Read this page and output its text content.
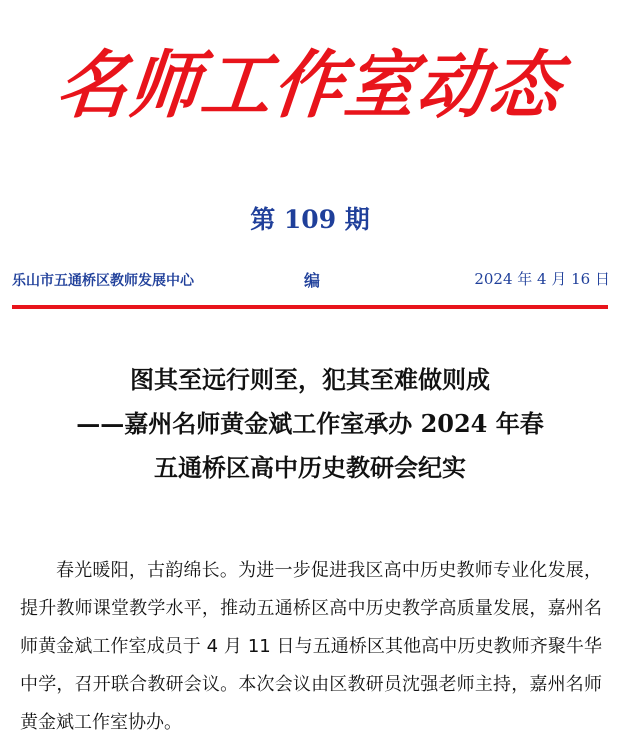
名师工作室动态
第 109 期
乐山市五通桥区教师发展中心	编	2024 年 4 月 16 日
图其至远行则至，犯其至难做则成
——嘉州名师黄金斌工作室承办 2024 年春
五通桥区高中历史教研会纪实

春光暖阳，古韵绵长。为进一步促进我区高中历史教师专业化发展，提升教师课堂教学水平，推动五通桥区高中历史教学高质量发展，嘉州名师黄金斌工作室成员于 4 月 11 日与五通桥区其他高中历史教师齐聚牛华中学，召开联合教研会议。本次会议由区教研员沈强老师主持，嘉州名师黄金斌工作室协办。
